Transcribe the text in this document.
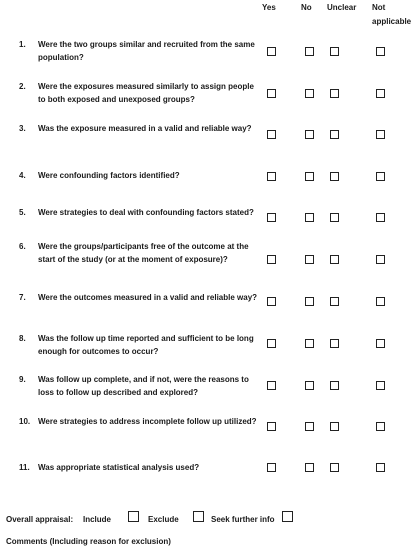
Yes	No Unclear Not
applicable
1.	Were the two groups similar and recruited from the same population?
2.	Were the exposures measured similarly to assign people to both exposed and unexposed groups?
3.	Was the exposure measured in a valid and reliable way?
4.	Were confounding factors identified?
5.	Were strategies to deal with confounding factors stated?
6.	Were the groups/participants free of the outcome at the start of the study (or at the moment of exposure)?
7.	Were the outcomes measured in a valid and reliable way?
8.	Was the follow up time reported and sufficient to be long enough for outcomes to occur?
9.	Was follow up complete, and if not, were the reasons to loss to follow up described and explored?
10. Were strategies to address incomplete follow up utilized?
11.	Was appropriate statistical analysis used?
Overall appraisal: Include	Exclude	Seek further info
Comments (Including reason for exclusion)
